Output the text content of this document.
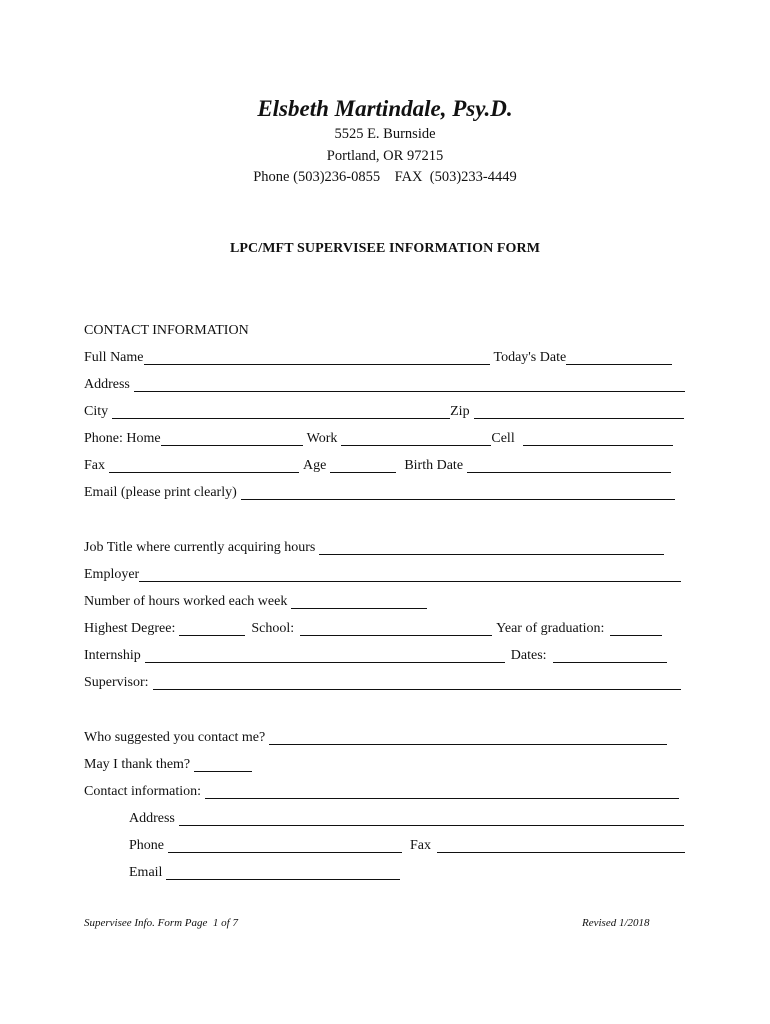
Elsbeth Martindale, Psy.D.
5525 E. Burnside
Portland, OR 97215
Phone (503)236-0855    FAX  (503)233-4449
LPC/MFT SUPERVISEE INFORMATION FORM
CONTACT INFORMATION
Full Name	Today's Date
Address
City	Zip
Phone: Home	Work	Cell
Fax	Age	Birth Date
Email (please print clearly)
Job Title where currently acquiring hours
Employer
Number of hours worked each week
Highest Degree:	School:	Year of graduation:
Internship	Dates:
Supervisor:
Who suggested you contact me?
May I thank them?
Contact information:
Address
Phone	Fax
Email
Supervisee Info. Form Page  1 of 7	Revised 1/2018
